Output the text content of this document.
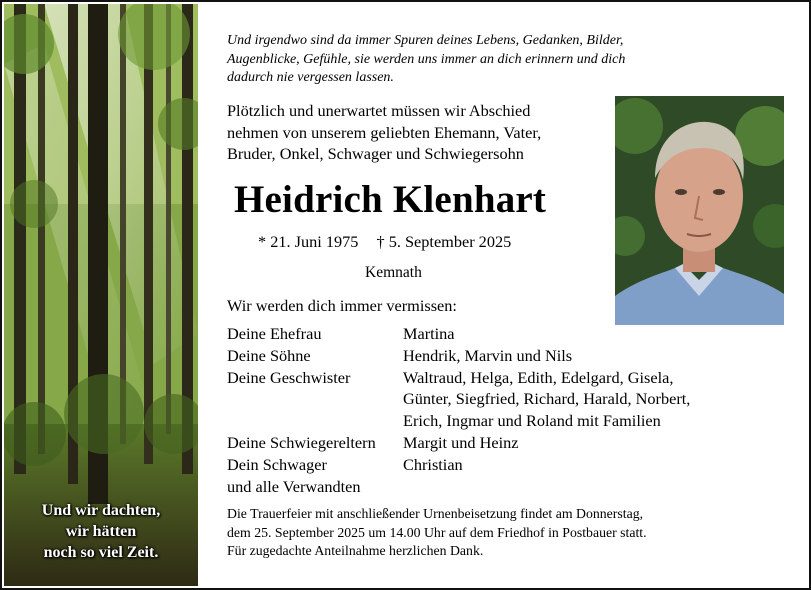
Und wir dachten,
wir hätten
noch so viel Zeit.
Und irgendwo sind da immer Spuren deines Lebens, Gedanken, Bilder,
Augenblicke, Gefühle, sie werden uns immer an dich erinnern und dich
dadurch nie vergessen lassen.
Plötzlich und unerwartet müssen wir Abschied
nehmen von unserem geliebten Ehemann, Vater,
Bruder, Onkel, Schwager und Schwiegersohn
Heidrich Klenhart
* 21. Juni 1975 † 5. September 2025
Kemnath
Wir werden dich immer vermissen:
Deine Ehefrau	Martina
Deine Söhne	Hendrik, Marvin und Nils
Deine Geschwister	Waltraud, Helga, Edith, Edelgard, Gisela,
Günter, Siegfried, Richard, Harald, Norbert,
Erich, Ingmar und Roland mit Familien
Deine Schwiegereltern	Margit und Heinz
Dein Schwager	Christian
und alle Verwandten
Die Trauerfeier mit anschließender Urnenbeisetzung findet am Donnerstag,
dem 25. September 2025 um 14.00 Uhr auf dem Friedhof in Postbauer statt.
Für zugedachte Anteilnahme herzlichen Dank.
